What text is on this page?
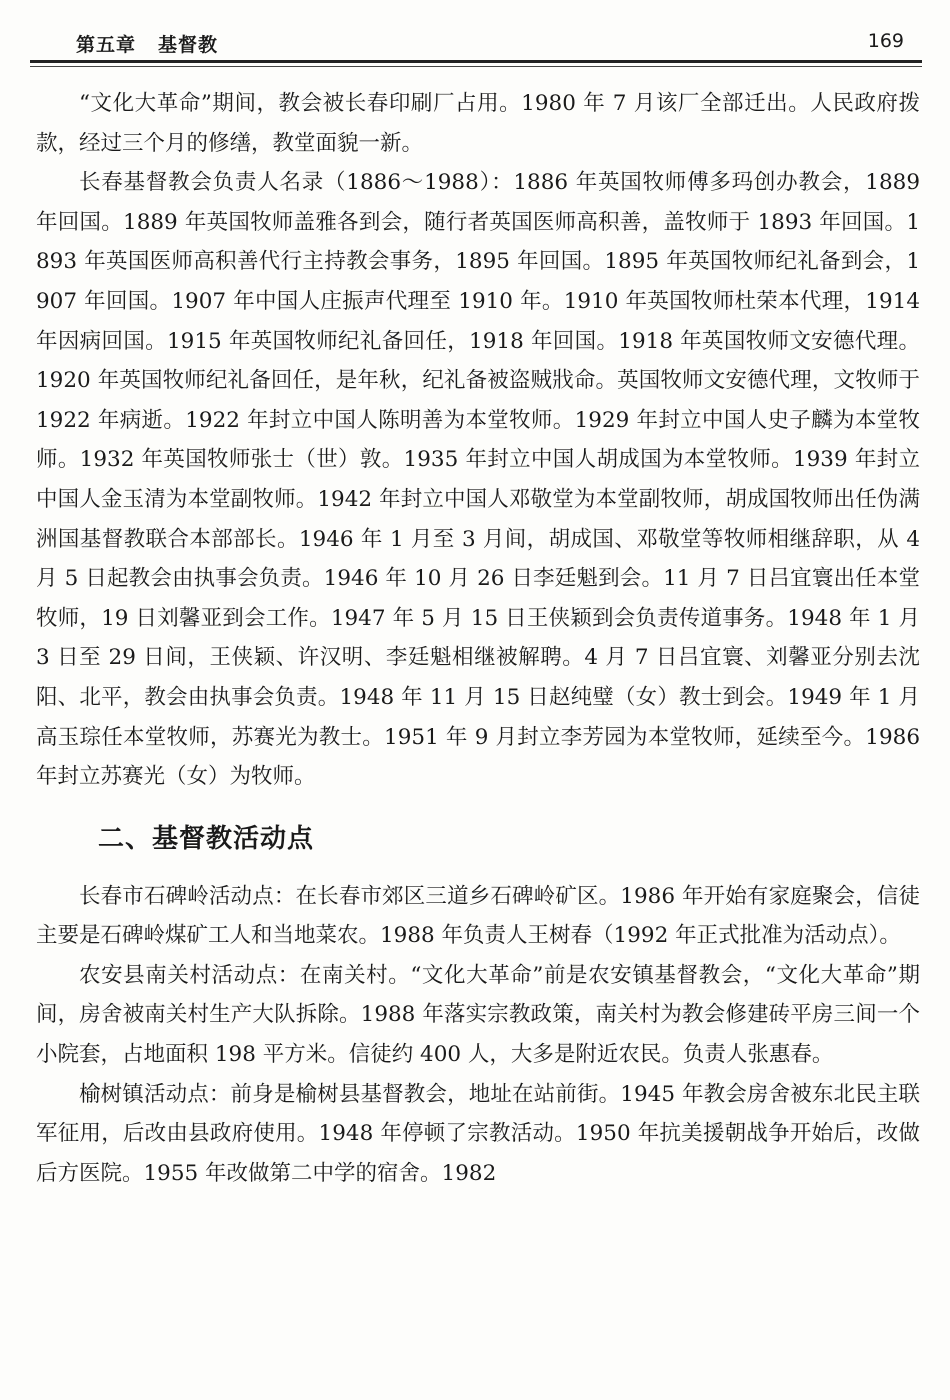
第五章 基督教	169

“文化大革命”期间，教会被长春印刷厂占用。1980 年 7 月该厂全部迁出。人民政府拨款，经过三个月的修缮，教堂面貌一新。

长春基督教会负责人名录（1886～1988）：1886 年英国牧师傅多玛创办教会，1889 年回国。1889 年英国牧师盖雅各到会，随行者英国医师高积善，盖牧师于 1893 年回国。1893 年英国医师高积善代行主持教会事务，1895 年回国。1895 年英国牧师纪礼备到会，1907 年回国。1907 年中国人庄振声代理至 1910 年。1910 年英国牧师杜荣本代理，1914 年因病回国。1915 年英国牧师纪礼备回任，1918 年回国。1918 年英国牧师文安德代理。1920 年英国牧师纪礼备回任，是年秋，纪礼备被盗贼戕命。英国牧师文安德代理，文牧师于 1922 年病逝。1922 年封立中国人陈明善为本堂牧师。1929 年封立中国人史子麟为本堂牧师。1932 年英国牧师张士（世）敦。1935 年封立中国人胡成国为本堂牧师。1939 年封立中国人金玉清为本堂副牧师。1942 年封立中国人邓敬堂为本堂副牧师，胡成国牧师出任伪满洲国基督教联合本部部长。1946 年 1 月至 3 月间，胡成国、邓敬堂等牧师相继辞职，从 4 月 5 日起教会由执事会负责。1946 年 10 月 26 日李廷魁到会。11 月 7 日吕宜寰出任本堂牧师，19 日刘馨亚到会工作。1947 年 5 月 15 日王侠颖到会负责传道事务。1948 年 1 月 3 日至 29 日间，王侠颖、许汉明、李廷魁相继被解聘。4 月 7 日吕宜寰、刘馨亚分别去沈阳、北平，教会由执事会负责。1948 年 11 月 15 日赵纯璧（女）教士到会。1949 年 1 月高玉琮任本堂牧师，苏赛光为教士。1951 年 9 月封立李芳园为本堂牧师，延续至今。1986 年封立苏赛光（女）为牧师。

二、基督教活动点

长春市石碑岭活动点：在长春市郊区三道乡石碑岭矿区。1986 年开始有家庭聚会，信徒主要是石碑岭煤矿工人和当地菜农。1988 年负责人王树春（1992 年正式批准为活动点）。

农安县南关村活动点：在南关村。“文化大革命”前是农安镇基督教会，“文化大革命”期间，房舍被南关村生产大队拆除。1988 年落实宗教政策，南关村为教会修建砖平房三间一个小院套，占地面积 198 平方米。信徒约 400 人，大多是附近农民。负责人张惠春。

榆树镇活动点：前身是榆树县基督教会，地址在站前街。1945 年教会房舍被东北民主联军征用，后改由县政府使用。1948 年停顿了宗教活动。1950 年抗美援朝战争开始后，改做后方医院。1955 年改做第二中学的宿舍。1982
